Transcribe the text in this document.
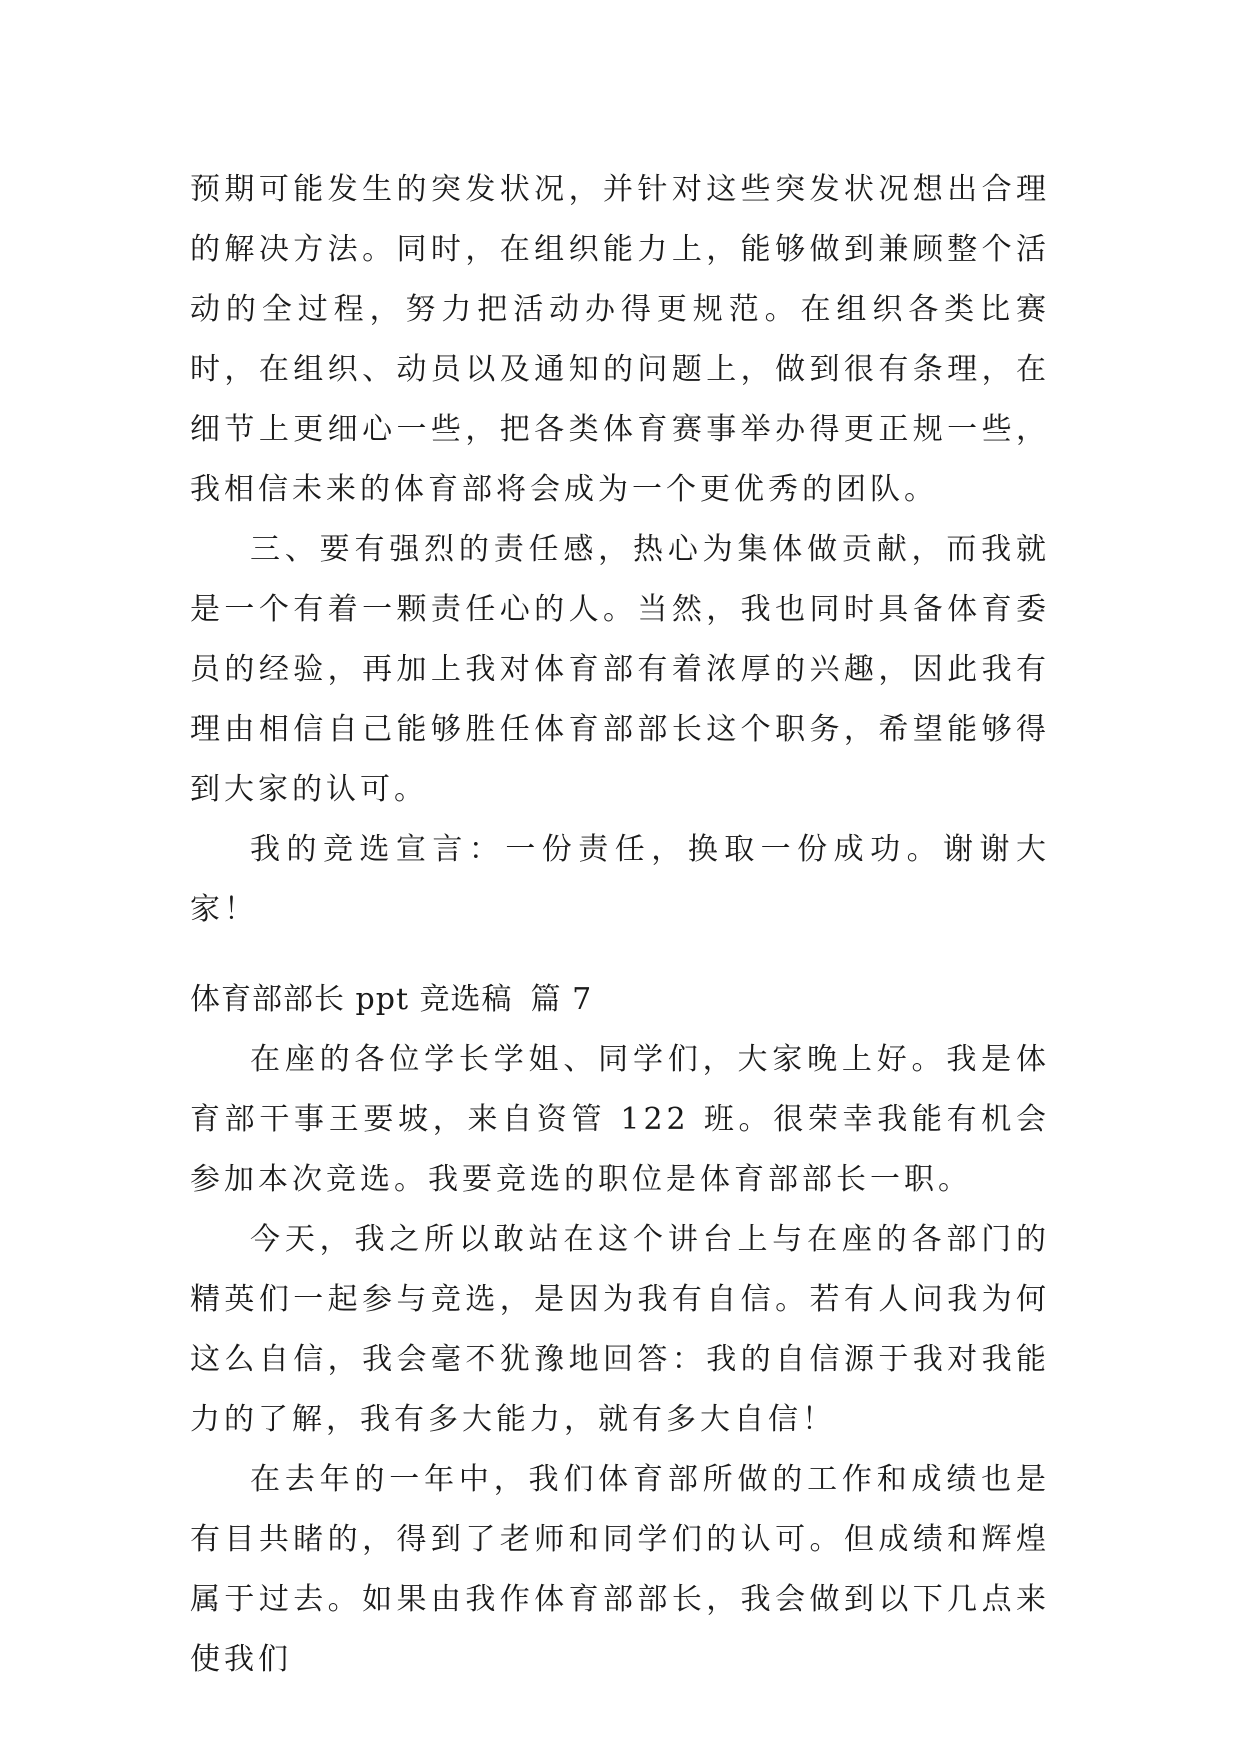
预期可能发生的突发状况，并针对这些突发状况想出合理的解决方法。同时，在组织能力上，能够做到兼顾整个活动的全过程，努力把活动办得更规范。在组织各类比赛时，在组织、动员以及通知的问题上，做到很有条理，在细节上更细心一些，把各类体育赛事举办得更正规一些，我相信未来的体育部将会成为一个更优秀的团队。

三、要有强烈的责任感，热心为集体做贡献，而我就是一个有着一颗责任心的人。当然，我也同时具备体育委员的经验，再加上我对体育部有着浓厚的兴趣，因此我有理由相信自己能够胜任体育部部长这个职务，希望能够得到大家的认可。

我的竞选宣言：一份责任，换取一份成功。谢谢大家！

体育部部长 ppt 竞选稿 篇 7

在座的各位学长学姐、同学们，大家晚上好。我是体育部干事王要坡，来自资管 122 班。很荣幸我能有机会参加本次竞选。我要竞选的职位是体育部部长一职。

今天，我之所以敢站在这个讲台上与在座的各部门的精英们一起参与竞选，是因为我有自信。若有人问我为何这么自信，我会毫不犹豫地回答：我的自信源于我对我能力的了解，我有多大能力，就有多大自信！

在去年的一年中，我们体育部所做的工作和成绩也是有目共睹的，得到了老师和同学们的认可。但成绩和辉煌属于过去。如果由我作体育部部长，我会做到以下几点来使我们
